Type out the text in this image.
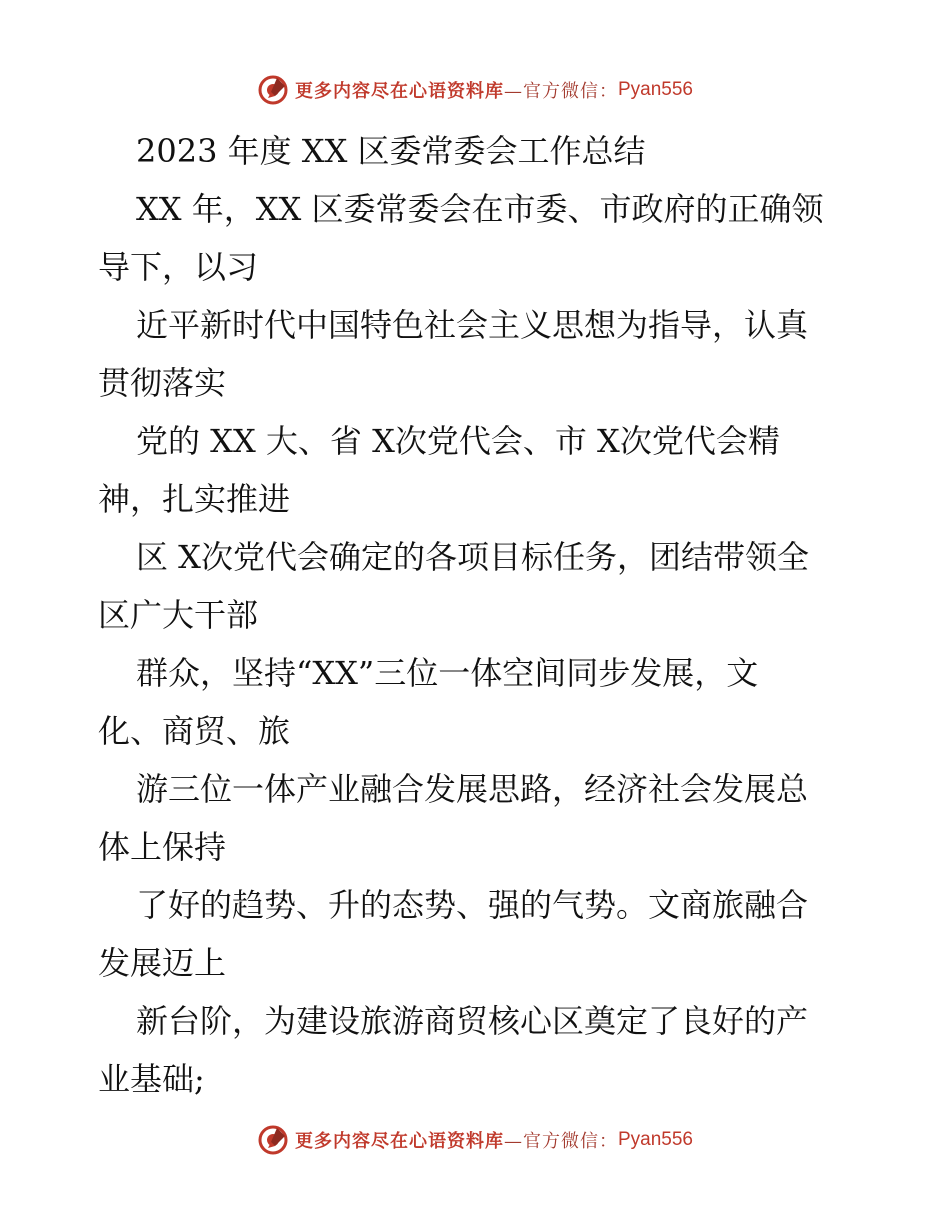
更多内容尽在心语资料库 —官方微信： Pyan556
2023 年度 XX 区委常委会工作总结
XX 年，XX 区委常委会在市委、市政府的正确领
导下，以习
近平新时代中国特色社会主义思想为指导，认真
贯彻落实
党的 XX 大、省 X次党代会、市 X次党代会精
神，扎实推进
区 X次党代会确定的各项目标任务，团结带领全
区广大干部
群众，坚持“XX”三位一体空间同步发展，文
化、商贸、旅
游三位一体产业融合发展思路，经济社会发展总
体上保持
了好的趋势、升的态势、强的气势。文商旅融合
发展迈上
新台阶，为建设旅游商贸核心区奠定了良好的产
业基础;
更多内容尽在心语资料库 —官方微信： Pyan556
